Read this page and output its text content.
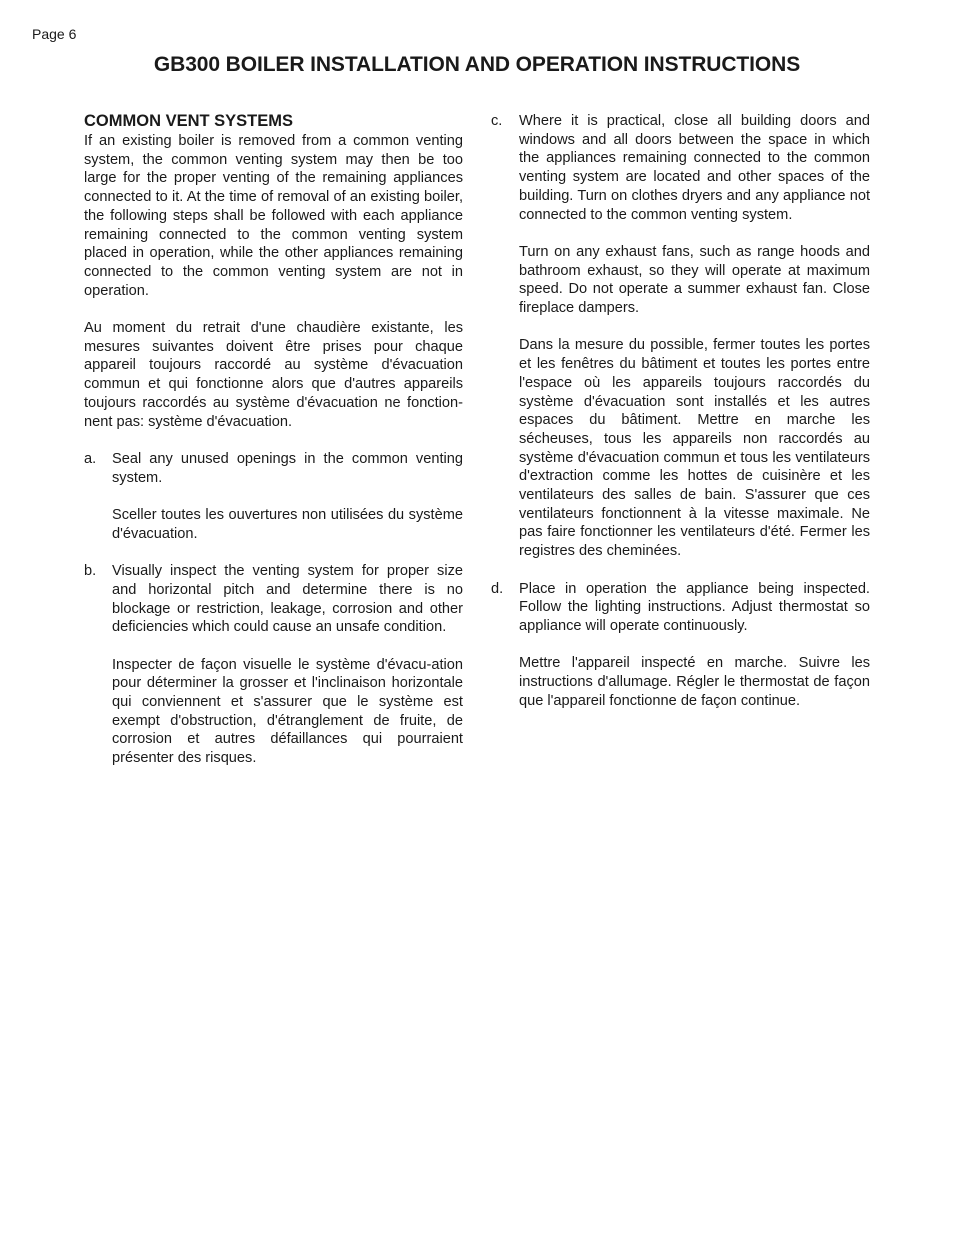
Page 6
GB300 BOILER INSTALLATION AND OPERATION INSTRUCTIONS
COMMON VENT SYSTEMS

If an existing boiler is removed from a common venting system, the common venting system may then be too large for the proper venting of the remaining appliances connected to it. At the time of removal of an existing boiler, the following steps shall be followed with each appliance remaining connected to the common venting system placed in operation, while the other appliances remaining connected to the common venting system are not in operation.

Au moment du retrait d'une chaudière existante, les mesures suivantes doivent être prises pour chaque appareil toujours raccordé au système d'évacuation commun et qui fonctionne alors que d'autres appareils toujours raccordés au système d'évacuation ne fonction-nent pas: système d'évacuation.

a.	Seal any unused openings in the common venting system.

Sceller toutes les ouvertures non utilisées du système d'évacuation.

b.	Visually inspect the venting system for proper size and horizontal pitch and determine there is no blockage or restriction, leakage, corrosion and other deficiencies which could cause an unsafe condition.

Inspecter de façon visuelle le système d'évacu-ation pour déterminer la grosser et l'inclinaison horizontale qui conviennent et s'assurer que le système est exempt d'obstruction, d'étranglement de fruite, de corrosion et autres défaillances qui pourraient présenter des risques.

c.	Where it is practical, close all building doors and windows and all doors between the space in which the appliances remaining connected to the common venting system are located and other spaces of the building. Turn on clothes dryers and any appliance not connected to the common venting system.

Turn on any exhaust fans, such as range hoods and bathroom exhaust, so they will operate at maximum speed. Do not operate a summer exhaust fan. Close fireplace dampers.

Dans la mesure du possible, fermer toutes les portes et les fenêtres du bâtiment et toutes les portes entre l'espace où les appareils toujours raccordés du système d'évacuation sont installés et les autres espaces du bâtiment. Mettre en marche les sécheuses, tous les appareils non raccordés au système d'évacuation commun et tous les ventilateurs d'extraction comme les hottes de cuisinère et les ventilateurs des salles de bain. S'assurer que ces ventilateurs fonctionnent à la vitesse maximale. Ne pas faire fonctionner les ventilateurs d'été. Fermer les registres des cheminées.

d.	Place in operation the appliance being inspected. Follow the lighting instructions. Adjust thermostat so appliance will operate continuously.

Mettre l'appareil inspecté en marche. Suivre les instructions d'allumage. Régler le thermostat de façon que l'appareil fonctionne de façon continue.
